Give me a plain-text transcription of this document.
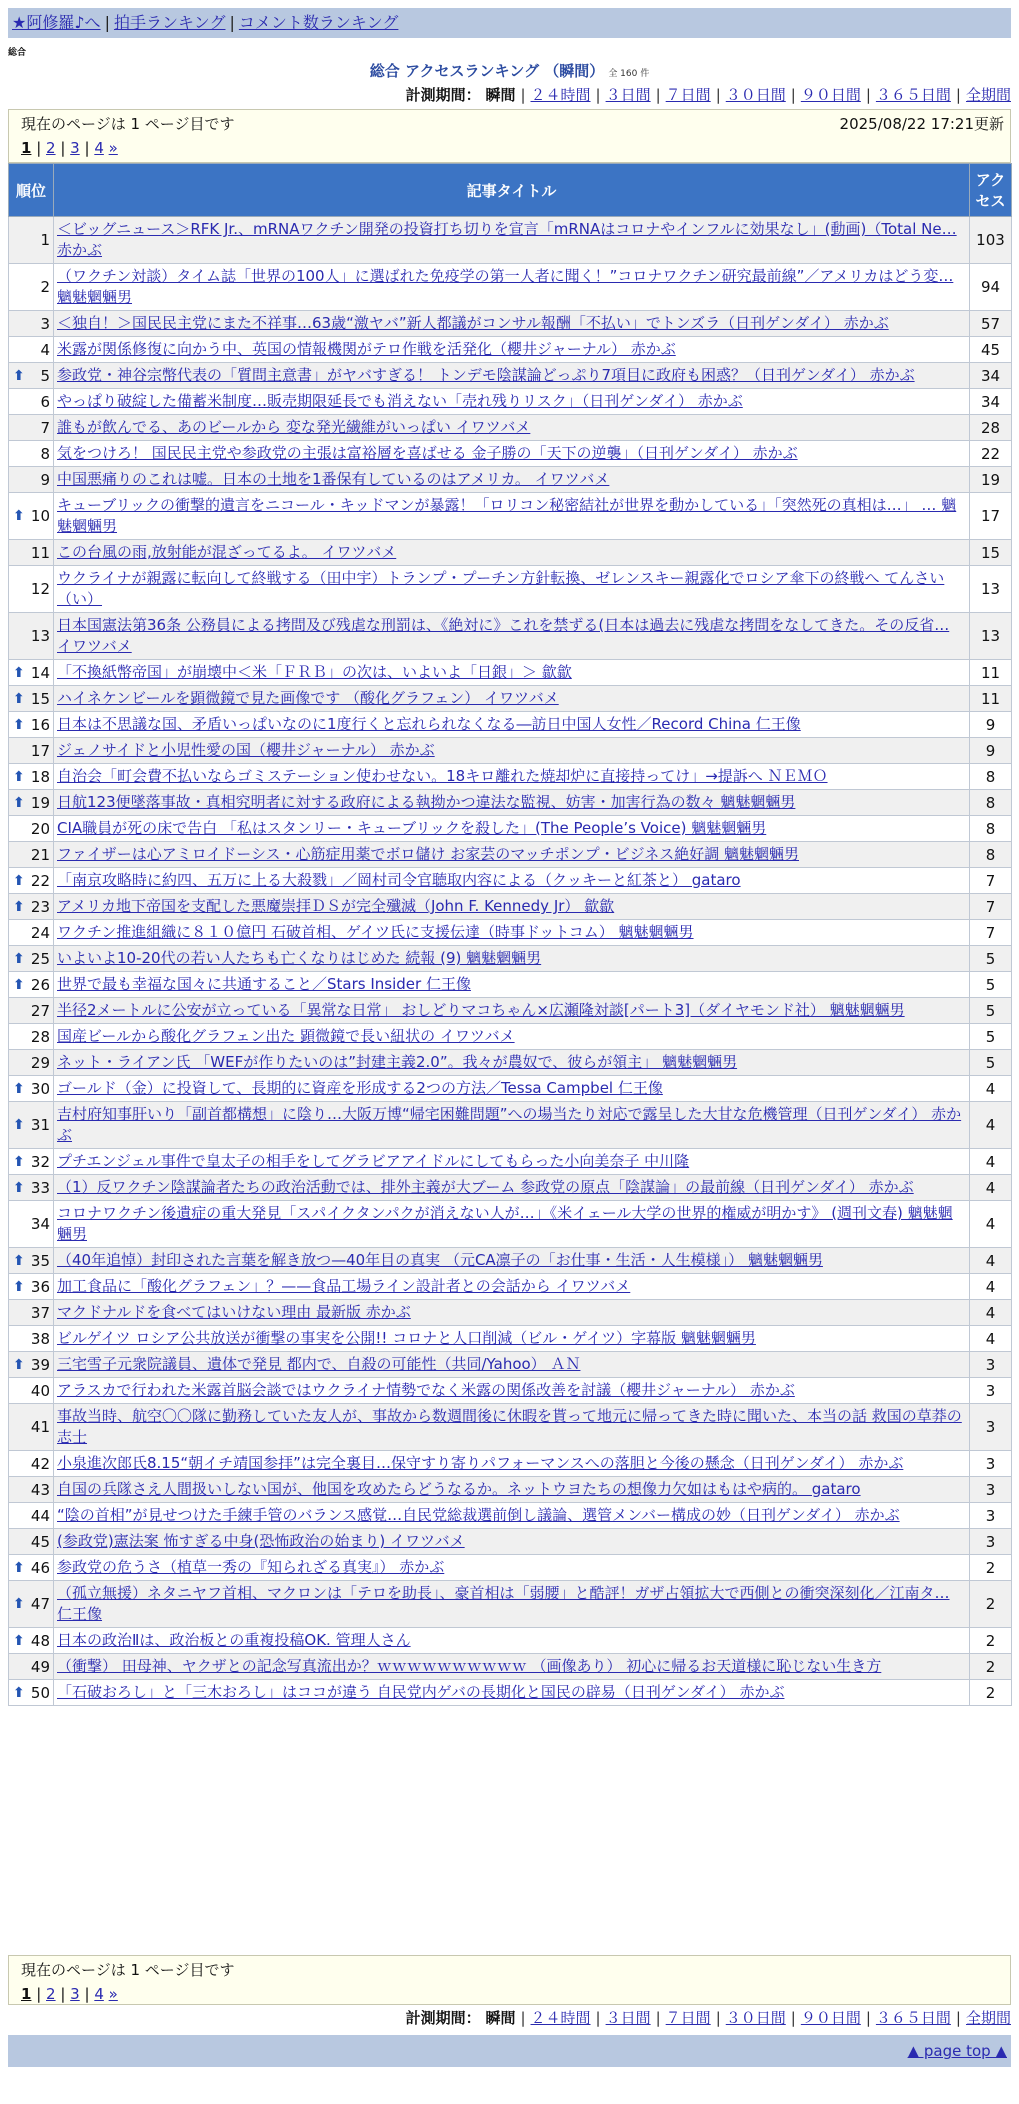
★阿修羅♪へ | 拍手ランキング | コメント数ランキング
総合
総合 アクセスランキング （瞬間） 全 160 件
計測期間： 瞬間 | ２４時間 | ３日間 | ７日間 | ３０日間 | ９０日間 | ３６５日間 | 全期間
現在のページは 1 ページ目です	2025/08/22 17:21更新
1 | 2 | 3 | 4 »
順位	記事タイトル	アクセス
1	＜ビッグニュース＞RFK Jr.、mRNAワクチン開発の投資打ち切りを宣言「mRNAはコロナやインフルに効果なし」(動画)（Total Ne… 赤かぶ	103
2	（ワクチン対談）タイム誌「世界の100人」に選ばれた免疫学の第一人者に聞く！”コロナワクチン研究最前線”／アメリカはどう変… 魑魅魍魎男	94
3	＜独自！＞国民民主党にまた不祥事…63歳“激ヤバ”新人都議がコンサル報酬「不払い」でトンズラ（日刊ゲンダイ） 赤かぶ	57
4	米露が関係修復に向かう中、英国の情報機関がテロ作戦を活発化（櫻井ジャーナル） 赤かぶ	45

⬆ 5	参政党・神谷宗幣代表の「質問主意書」がヤバすぎる！ トンデモ陰謀論どっぷり7項目に政府も困惑？（日刊ゲンダイ） 赤かぶ	34
6	やっぱり破綻した備蓄米制度…販売期限延長でも消えない「売れ残りリスク」（日刊ゲンダイ） 赤かぶ	34
7	誰もが飲んでる、あのビールから 変な発光繊維がいっぱい イワツバメ	28
8	気をつけろ！ 国民民主党や参政党の主張は富裕層を喜ばせる 金子勝の「天下の逆襲」（日刊ゲンダイ） 赤かぶ	22
9	中国悪痛りのこれは嘘。日本の土地を1番保有しているのはアメリカ。 イワツバメ	19

⬆ 10	キューブリックの衝撃的遺言をニコール・キッドマンが暴露！「ロリコン秘密結社が世界を動かしている」「突然死の真相は…」 … 魑魅魍魎男	17
11	この台風の雨,放射能が混ざってるよ。 イワツバメ	15
12	ウクライナが親露に転向して終戦する（田中宇）トランプ・プーチン方針転換、ゼレンスキー親露化でロシア傘下の終戦へ てんさい（い）	13
13	日本国憲法第36条 公務員による拷問及び残虐な刑罰は、《絶対に》これを禁ずる(日本は過去に残虐な拷問をなしてきた。その反省… イワツバメ	13

⬆ 14	「不換紙幣帝国」が崩壊中＜米「ＦＲＢ」の次は、いよいよ「日銀」＞ 歙歙	11

⬆ 15	ハイネケンビールを顕微鏡で見た画像です （酸化グラフェン） イワツバメ	11

⬆ 16	日本は不思議な国、矛盾いっぱいなのに1度行くと忘れられなくなる―訪日中国人女性／Record China 仁王像	9
17	ジェノサイドと小児性愛の国（櫻井ジャーナル） 赤かぶ	9

⬆ 18	自治会「町会費不払いならゴミステーション使わせない。18キロ離れた焼却炉に直接持ってけ」→提訴へ ＮＥＭＯ	8

⬆ 19	日航123便墜落事故・真相究明者に対する政府による執拗かつ違法な監視、妨害・加害行為の数々 魑魅魍魎男	8
20	CIA職員が死の床で告白 「私はスタンリー・キューブリックを殺した」(The People’s Voice) 魑魅魍魎男	8
21	ファイザーは心アミロイドーシス・心筋症用薬でボロ儲け お家芸のマッチポンプ・ビジネス絶好調 魑魅魍魎男	8

⬆ 22	「南京攻略時に約四、五万に上る大殺戮」／岡村司令官聴取内容による（クッキーと紅茶と） gataro	7

⬆ 23	アメリカ地下帝国を支配した悪魔崇拝ＤＳが完全殲滅（John F. Kennedy Jr） 歙歙	7
24	ワクチン推進組織に８１０億円 石破首相、ゲイツ氏に支援伝達（時事ドットコム） 魑魅魍魎男	7

⬆ 25	いよいよ10-20代の若い人たちも亡くなりはじめた 続報 (9) 魑魅魍魎男	5

⬆ 26	世界で最も幸福な国々に共通すること／Stars Insider 仁王像	5
27	半径2メートルに公安が立っている「異常な日常」 おしどりマコちゃん×広瀬隆対談[パート3]（ダイヤモンド社） 魑魅魍魎男	5
28	国産ビールから酸化グラフェン出た 顕微鏡で長い紐状の イワツバメ	5
29	ネット・ライアン氏 「WEFが作りたいのは”封建主義2.0”。我々が農奴で、彼らが領主」 魑魅魍魎男	5

⬆ 30	ゴールド（金）に投資して、長期的に資産を形成する2つの方法／Tessa Campbel 仁王像	4

⬆ 31	吉村府知事肝いり「副首都構想」に陰り…大阪万博“帰宅困難問題”への場当たり対応で露呈した大甘な危機管理（日刊ゲンダイ） 赤かぶ	4

⬆ 32	プチエンジェル事件で皇太子の相手をしてグラビアアイドルにしてもらった小向美奈子 中川隆	4

⬆ 33	（1）反ワクチン陰謀論者たちの政治活動では、排外主義が大ブーム 参政党の原点「陰謀論」の最前線（日刊ゲンダイ） 赤かぶ	4
34	コロナワクチン後遺症の重大発見「スパイクタンパクが消えない人が…」《米イェール大学の世界的権威が明かす》 (週刊文春) 魑魅魍魎男	4

⬆ 35	（40年追悼）封印された言葉を解き放つ—40年目の真実 （元CA凛子の「お仕事・生活・人生模様」） 魑魅魍魎男	4

⬆ 36	加工食品に「酸化グラフェン」？——食品工場ライン設計者との会話から イワツバメ	4
37	マクドナルドを食べてはいけない理由 最新版 赤かぶ	4
38	ビルゲイツ ロシア公共放送が衝撃の事実を公開!! コロナと人口削減（ビル・ゲイツ）字幕版 魑魅魍魎男	4

⬆ 39	三宅雪子元衆院議員、遺体で発見 都内で、自殺の可能性（共同/Yahoo） ＡＮ	3
40	アラスカで行われた米露首脳会談ではウクライナ情勢でなく米露の関係改善を討議（櫻井ジャーナル） 赤かぶ	3
41	事故当時、航空〇〇隊に勤務していた友人が、事故から数週間後に休暇を貰って地元に帰ってきた時に聞いた、本当の話 救国の草莽の志士	3
42	小泉進次郎氏8.15“朝イチ靖国参拝”は完全裏目…保守すり寄りパフォーマンスへの落胆と今後の懸念（日刊ゲンダイ） 赤かぶ	3
43	自国の兵隊さえ人間扱いしない国が、他国を攻めたらどうなるか。ネットウヨたちの想像力欠如はもはや病的。 gataro	3
44	“陰の首相”が見せつけた手練手管のバランス感覚…自民党総裁選前倒し議論、選管メンバー構成の妙（日刊ゲンダイ） 赤かぶ	3
45	(参政党)憲法案 怖すぎる中身(恐怖政治の始まり) イワツバメ	3

⬆ 46	参政党の危うさ（植草一秀の『知られざる真実』） 赤かぶ	2

⬆ 47	（孤立無援）ネタニヤフ首相、マクロンは「テロを助長」、豪首相は「弱腰」と酷評！ガザ占領拡大で西側との衝突深刻化／江南タ… 仁王像	2

⬆ 48	日本の政治Ⅱは、政治板との重複投稿OK. 管理人さん	2
49	（衝撃） 田母神、ヤクザとの記念写真流出か？ｗｗｗｗｗｗｗｗｗｗ （画像あり） 初心に帰るお天道様に恥じない生き方	2

⬆ 50	「石破おろし」と「三木おろし」はココが違う 自民党内ゲバの長期化と国民の辟易（日刊ゲンダイ） 赤かぶ	2
現在のページは 1 ページ目です
1 | 2 | 3 | 4 »
計測期間： 瞬間 | ２４時間 | ３日間 | ７日間 | ３０日間 | ９０日間 | ３６５日間 | 全期間
▲ page top ▲
